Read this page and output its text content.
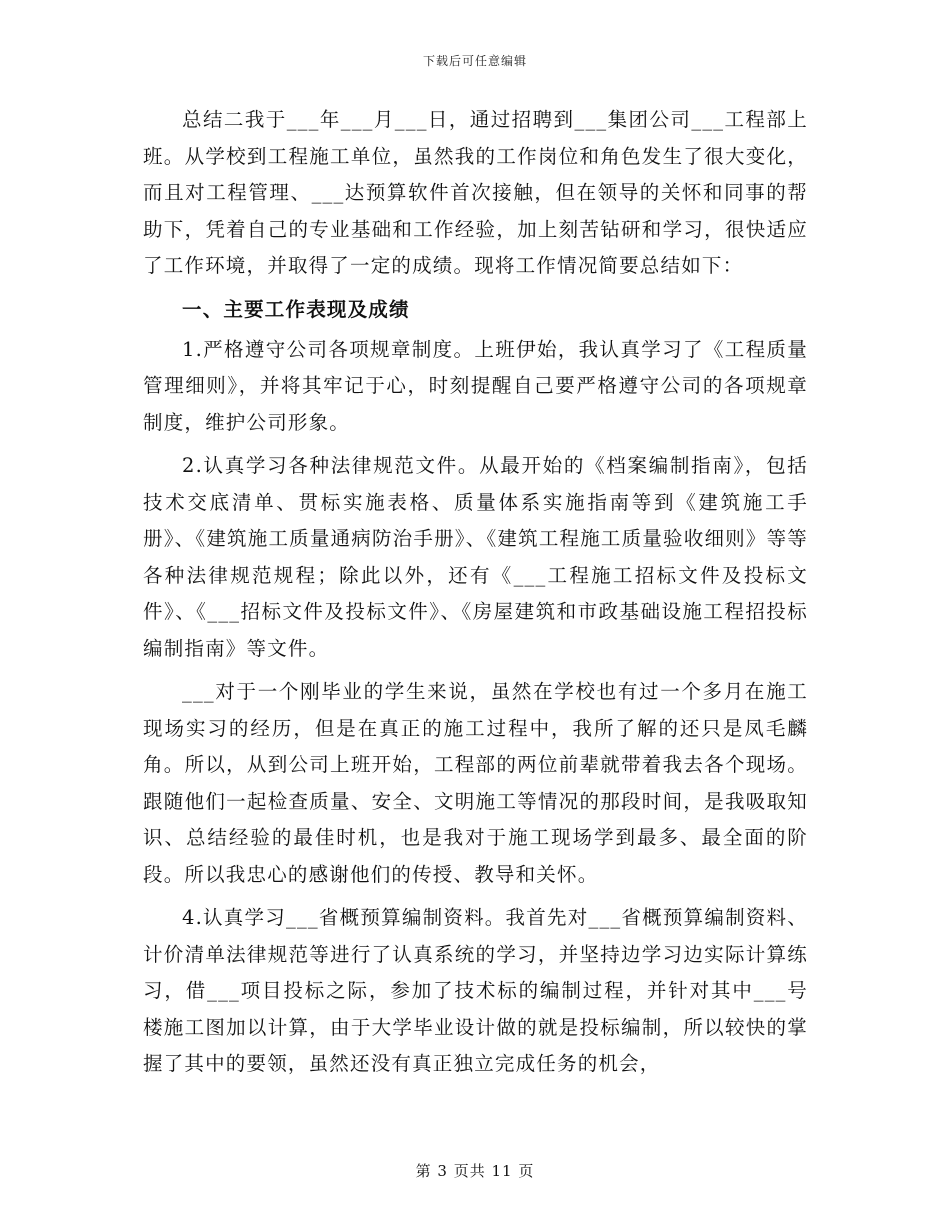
下载后可任意编辑

总结二我于___年___月___日，通过招聘到___集团公司___工程部上班。从学校到工程施工单位，虽然我的工作岗位和角色发生了很大变化，而且对工程管理、___达预算软件首次接触，但在领导的关怀和同事的帮助下，凭着自己的专业基础和工作经验，加上刻苦钻研和学习，很快适应了工作环境，并取得了一定的成绩。现将工作情况简要总结如下：

一、主要工作表现及成绩

1.严格遵守公司各项规章制度。上班伊始，我认真学习了《工程质量管理细则》，并将其牢记于心，时刻提醒自己要严格遵守公司的各项规章制度，维护公司形象。

2.认真学习各种法律规范文件。从最开始的《档案编制指南》，包括技术交底清单、贯标实施表格、质量体系实施指南等到《建筑施工手册》、《建筑施工质量通病防治手册》、《建筑工程施工质量验收细则》等等各种法律规范规程；除此以外，还有《___工程施工招标文件及投标文件》、《___招标文件及投标文件》、《房屋建筑和市政基础设施工程招投标编制指南》等文件。

___对于一个刚毕业的学生来说，虽然在学校也有过一个多月在施工现场实习的经历，但是在真正的施工过程中，我所了解的还只是凤毛麟角。所以，从到公司上班开始，工程部的两位前辈就带着我去各个现场。跟随他们一起检查质量、安全、文明施工等情况的那段时间，是我吸取知识、总结经验的最佳时机，也是我对于施工现场学到最多、最全面的阶段。所以我忠心的感谢他们的传授、教导和关怀。

4.认真学习___省概预算编制资料。我首先对___省概预算编制资料、计价清单法律规范等进行了认真系统的学习，并坚持边学习边实际计算练习，借___项目投标之际，参加了技术标的编制过程，并针对其中___号楼施工图加以计算，由于大学毕业设计做的就是投标编制，所以较快的掌握了其中的要领，虽然还没有真正独立完成任务的机会，

第 3 页共 11 页
